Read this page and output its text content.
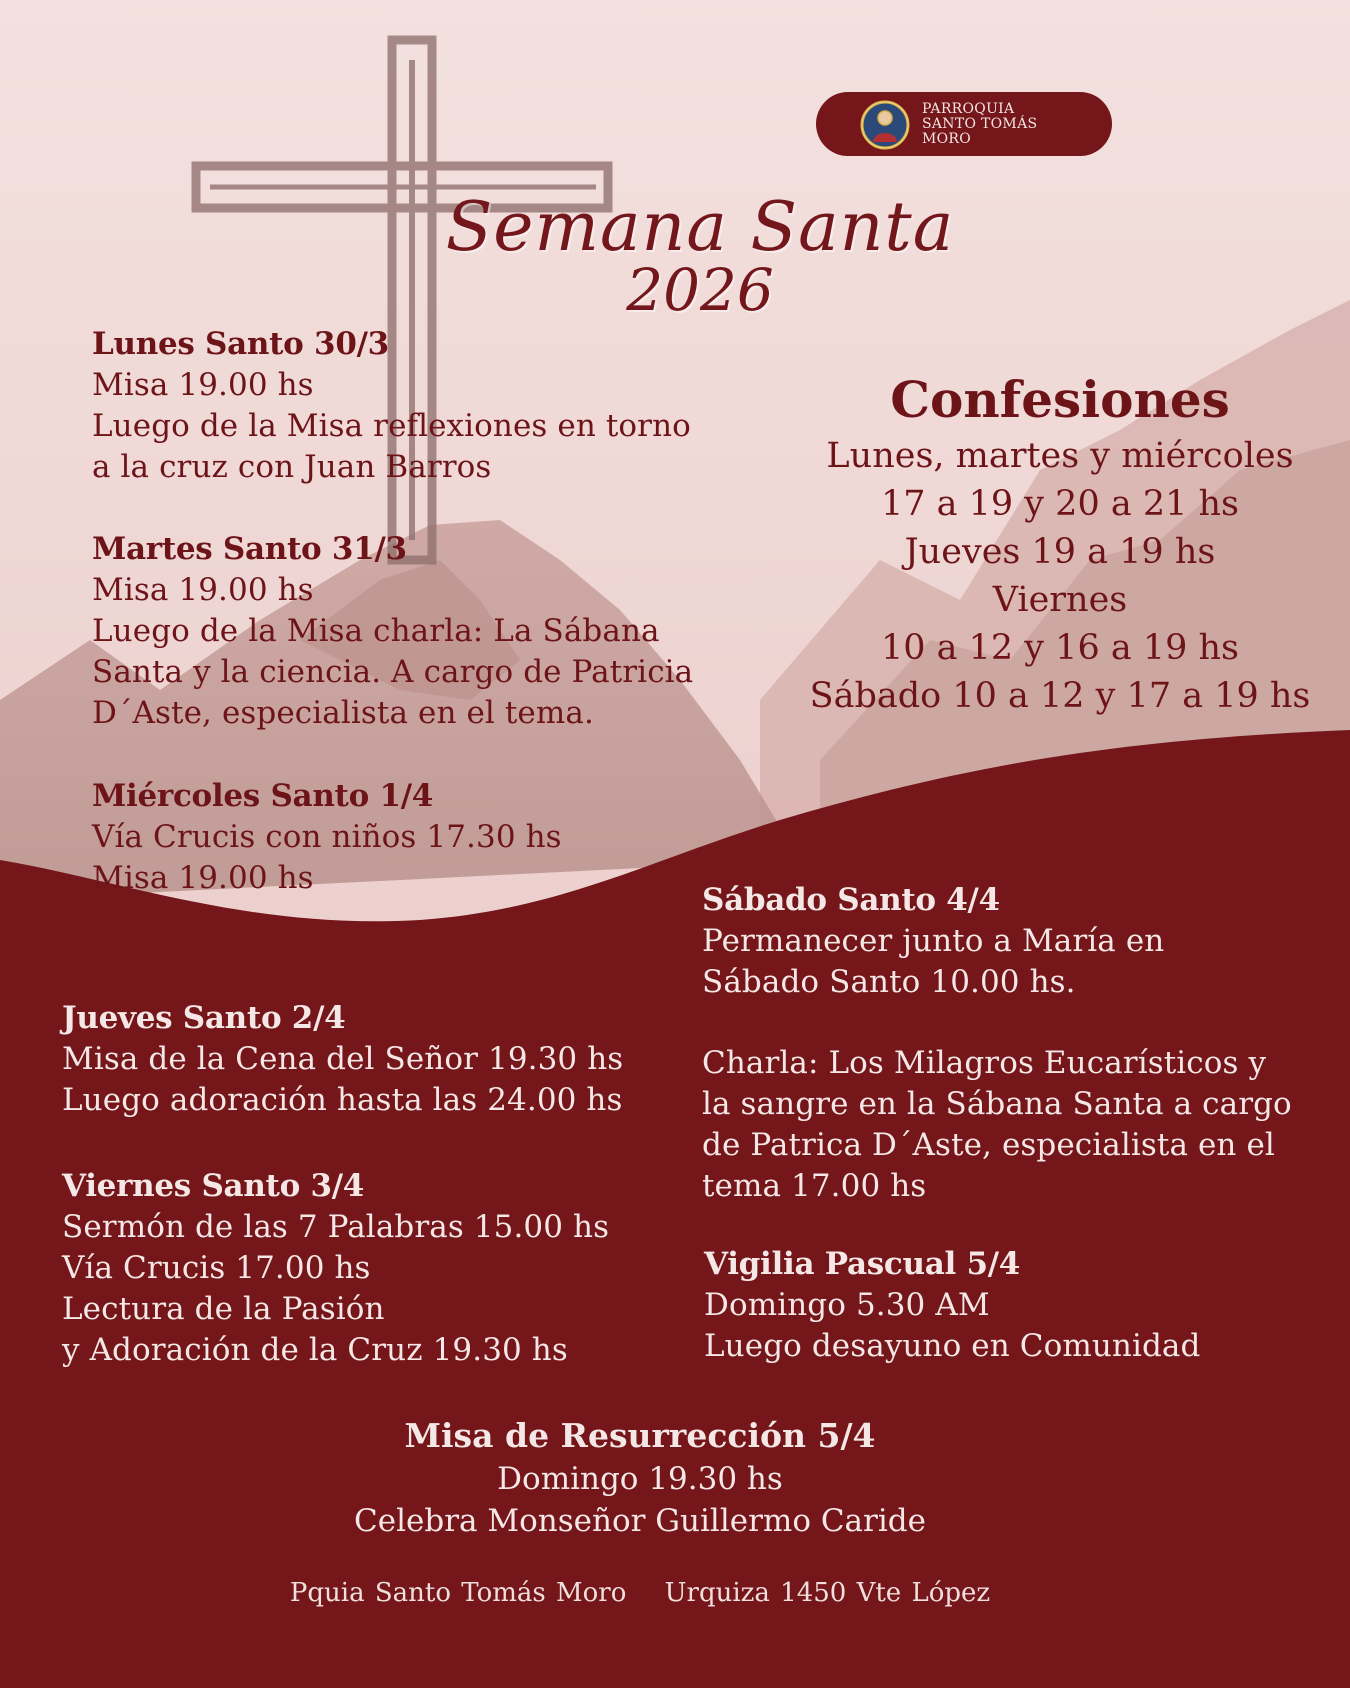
PARROQUIA
SANTO TOMÁS
MORO
Semana Santa
2026
Lunes Santo 30/3
Misa 19.00 hs
Luego de la Misa reflexiones en torno
a la cruz con Juan Barros
Martes Santo 31/3
Misa 19.00 hs
Luego de la Misa charla: La Sábana
Santa y la ciencia. A cargo de Patricia
D´Aste, especialista en el tema.
Miércoles Santo 1/4
Vía Crucis con niños 17.30 hs
Misa 19.00 hs
Confesiones
Lunes, martes y miércoles
17 a 19 y 20 a 21 hs
Jueves 19 a 19 hs
Viernes
10 a 12 y 16 a 19 hs
Sábado 10 a 12 y 17 a 19 hs
Jueves Santo 2/4
Misa de la Cena del Señor 19.30 hs
Luego adoración hasta las 24.00 hs
Viernes Santo 3/4
Sermón de las 7 Palabras 15.00 hs
Vía Crucis 17.00 hs
Lectura de la Pasión
y Adoración de la Cruz 19.30 hs
Sábado Santo 4/4
Permanecer junto a María en
Sábado Santo 10.00 hs.
Charla: Los Milagros Eucarísticos y
la sangre en la Sábana Santa a cargo
de Patrica D´Aste, especialista en el
tema 17.00 hs
Vigilia Pascual 5/4
Domingo 5.30 AM
Luego desayuno en Comunidad
Misa de Resurrección 5/4
Domingo 19.30 hs
Celebra Monseñor Guillermo Caride
Pquia Santo Tomás Moro Urquiza 1450 Vte López
